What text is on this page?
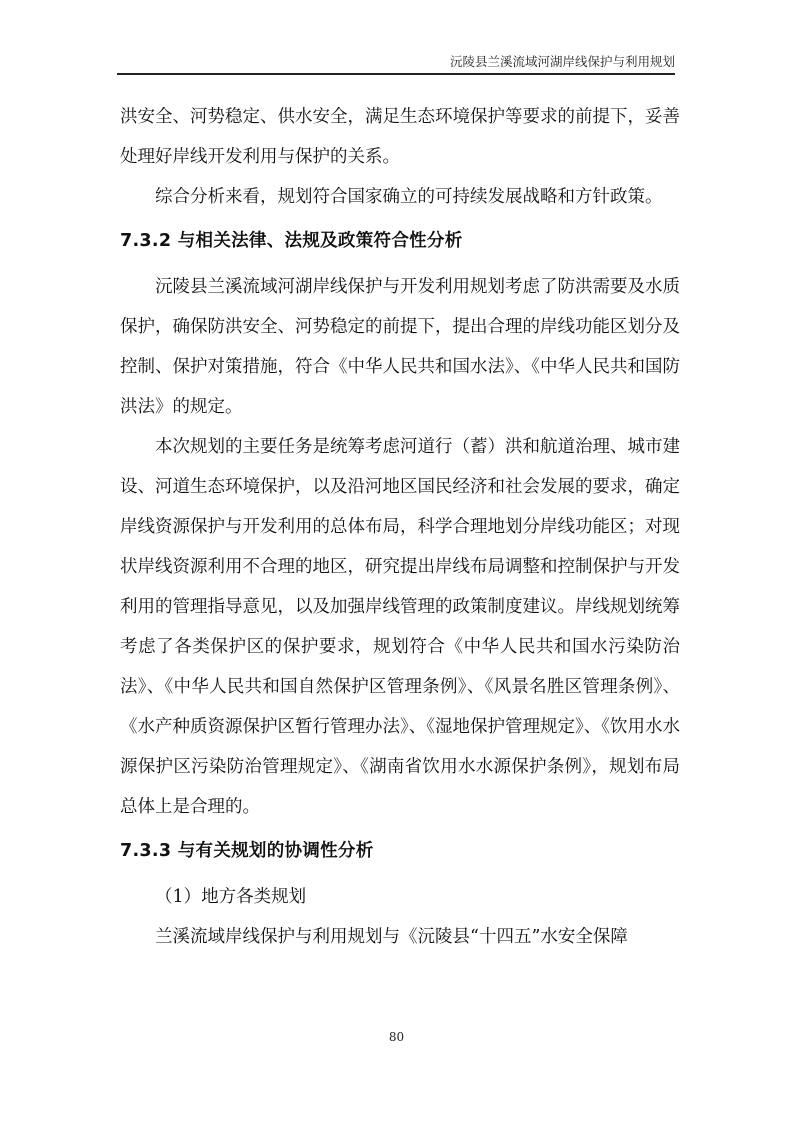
沅陵县兰溪流域河湖岸线保护与利用规划

洪安全、河势稳定、供水安全，满足生态环境保护等要求的前提下，妥善处理好岸线开发利用与保护的关系。

综合分析来看，规划符合国家确立的可持续发展战略和方针政策。

7.3.2 与相关法律、法规及政策符合性分析

沅陵县兰溪流域河湖岸线保护与开发利用规划考虑了防洪需要及水质保护，确保防洪安全、河势稳定的前提下，提出合理的岸线功能区划分及控制、保护对策措施，符合《中华人民共和国水法》、《中华人民共和国防洪法》的规定。

本次规划的主要任务是统筹考虑河道行（蓄）洪和航道治理、城市建设、河道生态环境保护，以及沿河地区国民经济和社会发展的要求，确定岸线资源保护与开发利用的总体布局，科学合理地划分岸线功能区；对现状岸线资源利用不合理的地区，研究提出岸线布局调整和控制保护与开发利用的管理指导意见，以及加强岸线管理的政策制度建议。岸线规划统筹考虑了各类保护区的保护要求，规划符合《中华人民共和国水污染防治法》、《中华人民共和国自然保护区管理条例》、《风景名胜区管理条例》、《水产种质资源保护区暂行管理办法》、《湿地保护管理规定》、《饮用水水源保护区污染防治管理规定》、《湖南省饮用水水源保护条例》，规划布局总体上是合理的。

7.3.3 与有关规划的协调性分析

（1）地方各类规划

兰溪流域岸线保护与利用规划与《沅陵县“十四五”水安全保障

80
